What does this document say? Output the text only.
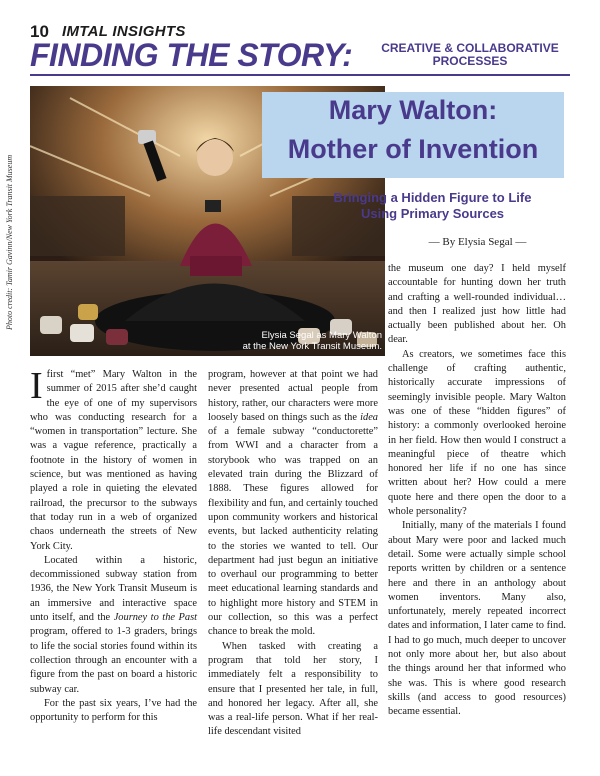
10 IMTAL INSIGHTS
FINDING THE STORY:	CREATIVE & COLLABORATIVE
PROCESSES
Photo credit: Tamir Gavinn/New York Transit Museum
Elysia Segal as Mary Walton
at the New York Transit Museum.
Mary Walton:
Mother of Invention
Bringing a Hidden Figure to Life
Using Primary Sources
— By Elysia Segal —

Ifirst “met” Mary Walton in the summer of 2015 after she’d caught the eye of one of my supervisors who was conducting research for a “women in transportation” lecture. She was a vague reference, practically a footnote in the history of women in science, but was mentioned as having played a role in quieting the elevated railroad, the precursor to the subways that today run in a web of organized chaos underneath the streets of New York City.

Located within a historic, decommissioned subway station from 1936, the New York Transit Museum is an immersive and interactive space unto itself, and the Journey to the Past program, offered to 1-3 graders, brings to life the social stories found within its collection through an encounter with a figure from the past on board a historic subway car.

For the past six years, I’ve had the opportunity to perform for this

program, however at that point we had never presented actual people from history, rather, our characters were more loosely based on things such as the idea of a female subway “conductorette” from WWI and a character from a storybook who was trapped on an elevated train during the Blizzard of 1888. These figures allowed for flexibility and fun, and certainly touched upon community workers and historical events, but lacked authenticity relating to the stories we wanted to tell. Our department had just begun an initiative to overhaul our programming to better meet educational learning standards and to highlight more history and STEM in our collection, so this was a perfect chance to break the mold.

When tasked with creating a program that told her story, I immediately felt a responsibility to ensure that I presented her tale, in full, and honored her legacy. After all, she was a real-life person. What if her real-life descendant visited

the museum one day? I held myself accountable for hunting down her truth and crafting a well-rounded individual… and then I realized just how little had actually been published about her. Oh dear.

As creators, we sometimes face this challenge of crafting authentic, historically accurate impressions of seemingly invisible people. Mary Walton was one of these “hidden figures” of history: a commonly overlooked heroine in her field. How then would I construct a meaningful piece of theatre which honored her life if no one has since written about her? How could a mere quote here and there open the door to a whole personality?

Initially, many of the materials I found about Mary were poor and lacked much detail. Some were actually simple school reports written by children or a sentence here and there in an anthology about women inventors. Many also, unfortunately, merely repeated incorrect dates and information, I later came to find. I had to go much, much deeper to uncover not only more about her, but also about the things around her that informed who she was. This is where good research skills (and access to good resources) became essential.
